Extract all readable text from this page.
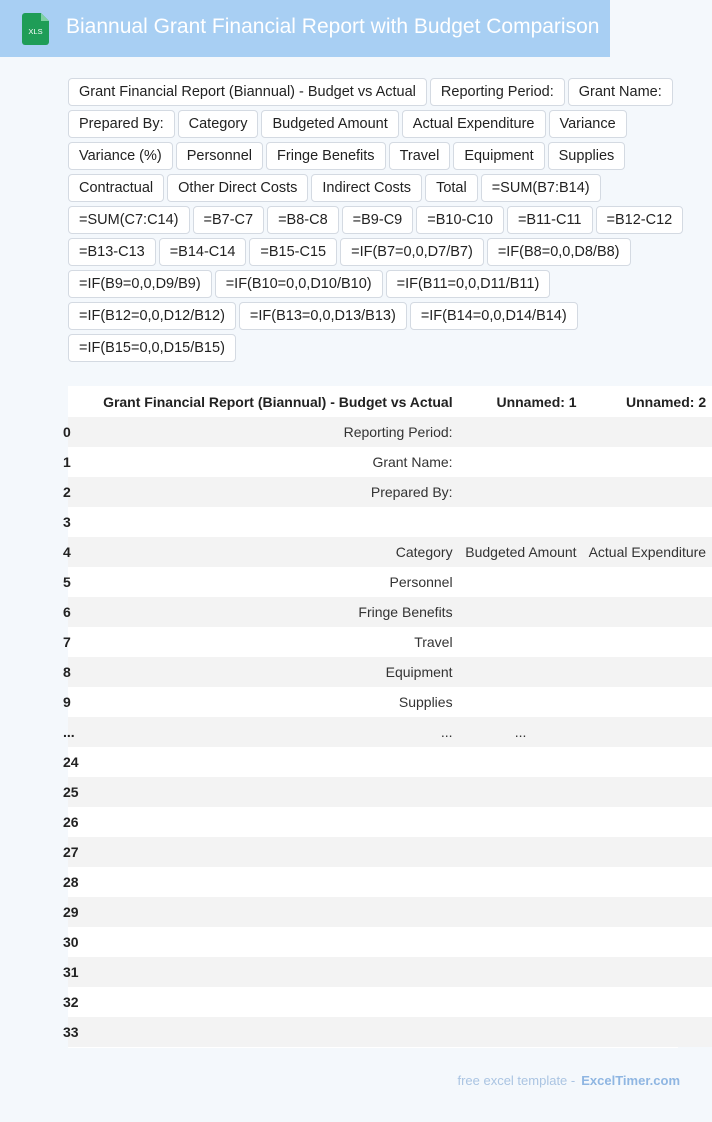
XLS Biannual Grant Financial Report with Budget Comparison
Grant Financial Report (Biannual) - Budget vs Actual	Reporting Period:	Grant Name:
Prepared By:	Category	Budgeted Amount	Actual Expenditure	Variance
Variance (%)	Personnel	Fringe Benefits	Travel	Equipment	Supplies
Contractual	Other Direct Costs	Indirect Costs	Total	=SUM(B7:B14)
=SUM(C7:C14)	=B7-C7	=B8-C8	=B9-C9	=B10-C10	=B11-C11	=B12-C12
=B13-C13	=B14-C14	=B15-C15	=IF(B7=0,0,D7/B7)	=IF(B8=0,0,D8/B8)
=IF(B9=0,0,D9/B9)	=IF(B10=0,0,D10/B10)	=IF(B11=0,0,D11/B11)
=IF(B12=0,0,D12/B12)	=IF(B13=0,0,D13/B13)	=IF(B14=0,0,D14/B14)
=IF(B15=0,0,D15/B15)
	Grant Financial Report (Biannual) - Budget vs Actual	Unnamed: 1	Unnamed: 2
0	Reporting Period:		
1	Grant Name:		
2	Prepared By:		
3			
4	Category	Budgeted Amount	Actual Expenditure
5	Personnel		
6	Fringe Benefits		
7	Travel		
8	Equipment		
9	Supplies		
...	...	...	
24			
25			
26			
27			
28			
29			
30			
31			
32			
33			
free excel template - ExcelTimer.com
